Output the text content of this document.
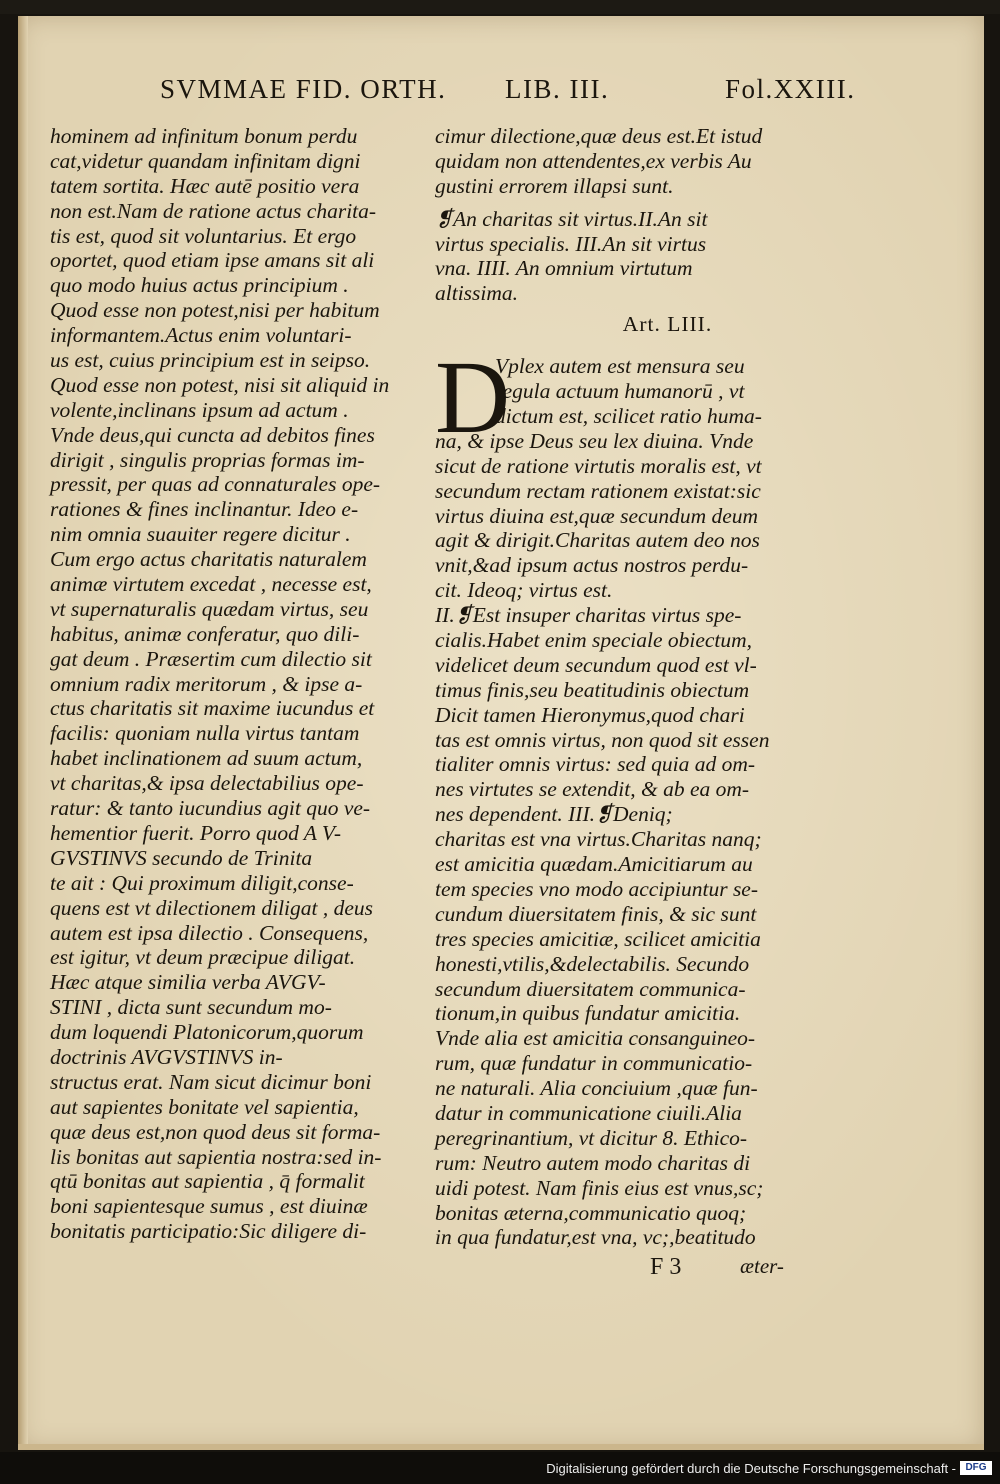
SVMMAE FID. ORTH. LIB. III.	Fol.XXIII.
hominem ad infinitum bonum perdu
cat,videtur quandam infinitam digni
tatem sortita. Hæc autē positio vera
non est.Nam de ratione actus charita-
tis est, quod sit voluntarius. Et ergo
oportet, quod etiam ipse amans sit ali
quo modo huius actus principium .
Quod esse non potest,nisi per habitum
informantem.Actus enim voluntari-
us est, cuius principium est in seipso.
Quod esse non potest, nisi sit aliquid in
volente,inclinans ipsum ad actum .
Vnde deus,qui cuncta ad debitos fines
dirigit , singulis proprias formas im-
pressit, per quas ad connaturales ope-
rationes & fines inclinantur. Ideo e-
nim omnia suauiter regere dicitur .
Cum ergo actus charitatis naturalem
animæ virtutem excedat , necesse est,
vt supernaturalis quædam virtus, seu
habitus, animæ conferatur, quo dili-
gat deum . Præsertim cum dilectio sit
omnium radix meritorum , & ipse a-
ctus charitatis sit maxime iucundus et
facilis: quoniam nulla virtus tantam
habet inclinationem ad suum actum,
vt charitas,& ipsa delectabilius ope-
ratur: & tanto iucundius agit quo ve-
hementior fuerit. Porro quod A V-
GVSTINVS secundo de Trinita
te ait : Qui proximum diligit,conse-
quens est vt dilectionem diligat , deus
autem est ipsa dilectio . Consequens,
est igitur, vt deum præcipue diligat.
Hæc atque similia verba AVGV-
STINI , dicta sunt secundum mo-
dum loquendi Platonicorum,quorum
doctrinis AVGVSTINVS in-
structus erat. Nam sicut dicimur boni
aut sapientes bonitate vel sapientia,
quæ deus est,non quod deus sit forma-
lis bonitas aut sapientia nostra:sed in-
qtū bonitas aut sapientia , q̄ formalit
boni sapientesque sumus , est diuinæ
bonitatis participatio:Sic diligere di-
cimur dilectione,quæ deus est.Et istud
quidam non attendentes,ex verbis Au
gustini errorem illapsi sunt.
❡An charitas sit virtus.II.An sit
virtus specialis. III.An sit virtus
vna. IIII. An omnium virtutum
altissima.
Art. LIII.
D
Vplex autem est mensura seu
regula actuum humanorū , vt
dictum est, scilicet ratio huma-
na, & ipse Deus seu lex diuina. Vnde
sicut de ratione virtutis moralis est, vt
secundum rectam rationem existat:sic
virtus diuina est,quæ secundum deum
agit & dirigit.Charitas autem deo nos
vnit,&ad ipsum actus nostros perdu-
cit. Ideoq; virtus est.
II.❡Est insuper charitas virtus spe-
cialis.Habet enim speciale obiectum,
videlicet deum secundum quod est vl-
timus finis,seu beatitudinis obiectum
Dicit tamen Hieronymus,quod chari
tas est omnis virtus, non quod sit essen
tialiter omnis virtus: sed quia ad om-
nes virtutes se extendit, & ab ea om-
nes dependent. III.❡Deniq;
charitas est vna virtus.Charitas nanq;
est amicitia quædam.Amicitiarum au
tem species vno modo accipiuntur se-
cundum diuersitatem finis, & sic sunt
tres species amicitiæ, scilicet amicitia
honesti,vtilis,&delectabilis. Secundo
secundum diuersitatem communica-
tionum,in quibus fundatur amicitia.
Vnde alia est amicitia consanguineo-
rum, quæ fundatur in communicatio-
ne naturali. Alia conciuium ,quæ fun-
datur in communicatione ciuili.Alia
peregrinantium, vt dicitur 8. Ethico-
rum: Neutro autem modo charitas di
uidi potest. Nam finis eius est vnus,sc;
bonitas æterna,communicatio quoq;
in qua fundatur,est vna, vc;,beatitudo
F 3	æter-
Digitalisierung gefördert durch die Deutsche Forschungsgemeinschaft - DFG
